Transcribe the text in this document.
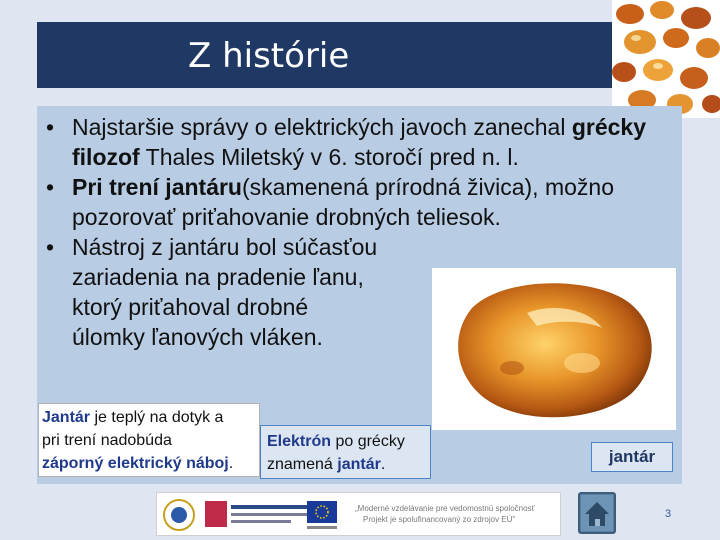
Z histórie
• Najstaršie správy o elektrických javoch zanechal grécky filozof Thales Miletský v 6. storočí pred n. l.
• Pri trení jantáru(skamenená prírodná živica), možno pozorovať priťahovanie drobných teliesok.
• Nástroj z jantáru bol súčasťou
zariadenia na pradenie ľanu,
ktorý priťahoval drobné
úlomky ľanových vláken.
Jantár je teplý na dotyk a
pri trení nadobúda
záporný elektrický náboj.
Elektrón po grécky
znamená jantár.	jantár
„Moderné vzdelávanie pre vedomostnú spoločnosť
Projekt je spolufinancovaný zo zdrojov EÚ"	3
